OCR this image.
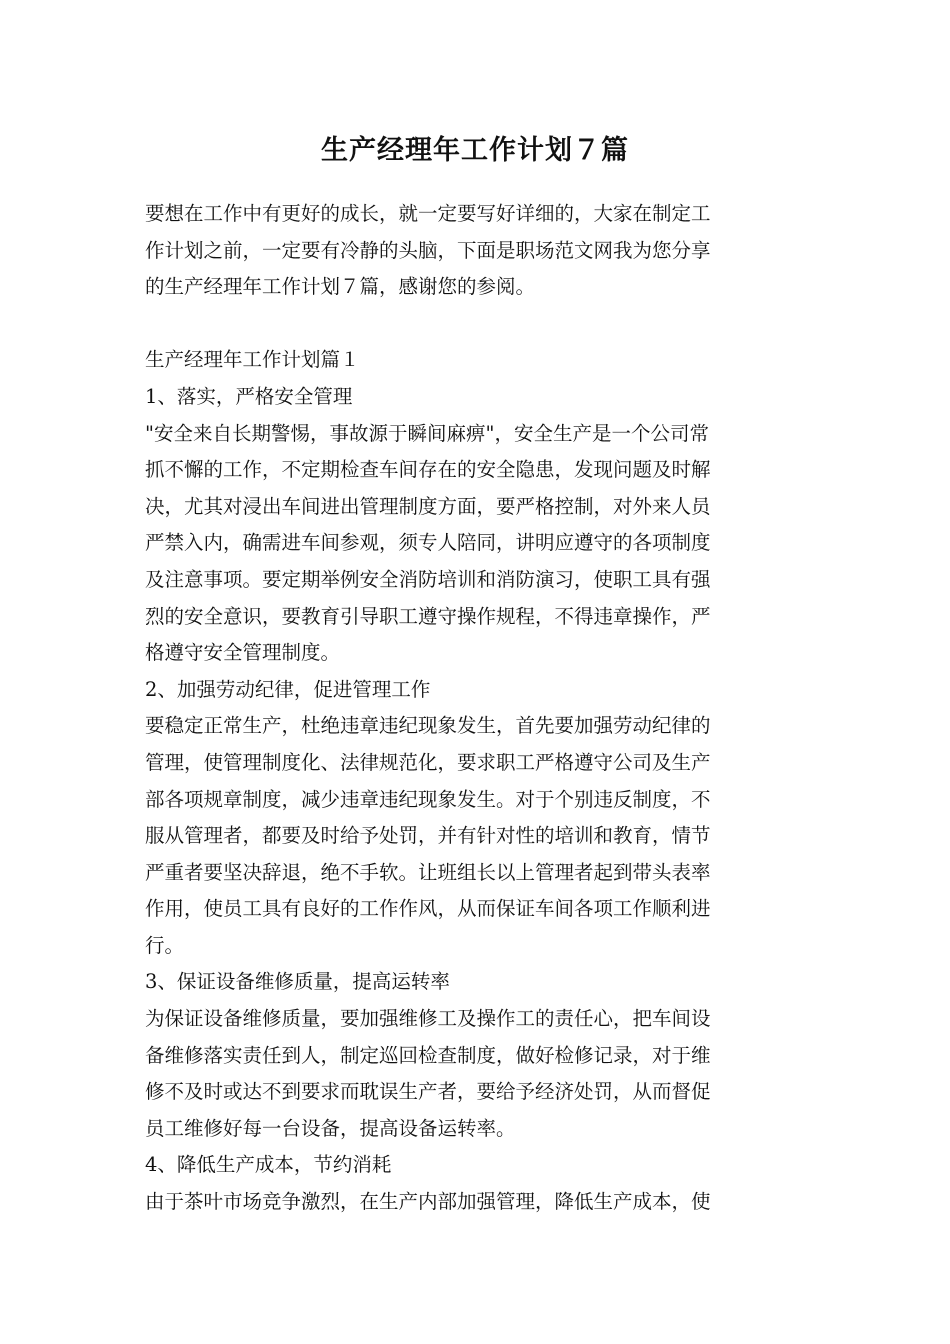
生产经理年工作计划７篇
要想在工作中有更好的成长，就一定要写好详细的，大家在制定工
作计划之前，一定要有冷静的头脑，下面是职场范文网我为您分享
的生产经理年工作计划７篇，感谢您的参阅。
生产经理年工作计划篇１
1、落实，严格安全管理
"安全来自长期警惕，事故源于瞬间麻痹"，安全生产是一个公司常
抓不懈的工作，不定期检查车间存在的安全隐患，发现问题及时解
决，尤其对浸出车间进出管理制度方面，要严格控制，对外来人员
严禁入内，确需进车间参观，须专人陪同，讲明应遵守的各项制度
及注意事项。要定期举例安全消防培训和消防演习，使职工具有强
烈的安全意识，要教育引导职工遵守操作规程，不得违章操作，严
格遵守安全管理制度。
2、加强劳动纪律，促进管理工作
要稳定正常生产，杜绝违章违纪现象发生，首先要加强劳动纪律的
管理，使管理制度化、法律规范化，要求职工严格遵守公司及生产
部各项规章制度，减少违章违纪现象发生。对于个别违反制度，不
服从管理者，都要及时给予处罚，并有针对性的培训和教育，情节
严重者要坚决辞退，绝不手软。让班组长以上管理者起到带头表率
作用，使员工具有良好的工作作风，从而保证车间各项工作顺利进
行。
3、保证设备维修质量，提高运转率
为保证设备维修质量，要加强维修工及操作工的责任心，把车间设
备维修落实责任到人，制定巡回检查制度，做好检修记录，对于维
修不及时或达不到要求而耽误生产者，要给予经济处罚，从而督促
员工维修好每一台设备，提高设备运转率。
4、降低生产成本，节约消耗
由于茶叶市场竞争激烈，在生产内部加强管理，降低生产成本，使
